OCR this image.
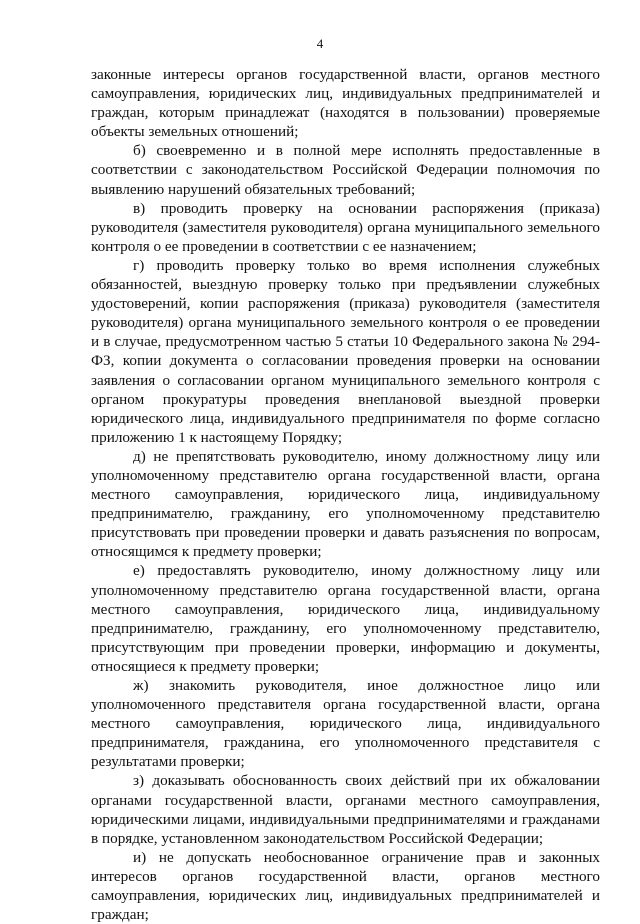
4

законные интересы органов государственной власти, органов местного самоуправления, юридических лиц, индивидуальных предпринимателей и граждан, которым принадлежат (находятся в пользовании) проверяемые объекты земельных отношений;

б) своевременно и в полной мере исполнять предоставленные в соответствии с законодательством Российской Федерации полномочия по выявлению нарушений обязательных требований;

в) проводить проверку на основании распоряжения (приказа) руководителя (заместителя руководителя) органа муниципального земельного контроля о ее проведении в соответствии с ее назначением;

г) проводить проверку только во время исполнения служебных обязанностей, выездную проверку только при предъявлении служебных удостоверений, копии распоряжения (приказа) руководителя (заместителя руководителя) органа муниципального земельного контроля о ее проведении и в случае, предусмотренном частью 5 статьи 10 Федерального закона № 294-ФЗ, копии документа о согласовании проведения проверки на основании заявления о согласовании органом муниципального земельного контроля с органом прокуратуры проведения внеплановой выездной проверки юридического лица, индивидуального предпринимателя по форме согласно приложению 1 к настоящему Порядку;

д) не препятствовать руководителю, иному должностному лицу или уполномоченному представителю органа государственной власти, органа местного самоуправления, юридического лица, индивидуальному предпринимателю, гражданину, его уполномоченному представителю присутствовать при проведении проверки и давать разъяснения по вопросам, относящимся к предмету проверки;

е) предоставлять руководителю, иному должностному лицу или уполномоченному представителю органа государственной власти, органа местного самоуправления, юридического лица, индивидуальному предпринимателю, гражданину, его уполномоченному представителю, присутствующим при проведении проверки, информацию и документы, относящиеся к предмету проверки;

ж) знакомить руководителя, иное должностное лицо или уполномоченного представителя органа государственной власти, органа местного самоуправления, юридического лица, индивидуального предпринимателя, гражданина, его уполномоченного представителя с результатами проверки;

з) доказывать обоснованность своих действий при их обжаловании органами государственной власти, органами местного самоуправления, юридическими лицами, индивидуальными предпринимателями и гражданами в порядке, установленном законодательством Российской Федерации;

и) не допускать необоснованное ограничение прав и законных интересов органов государственной власти, органов местного самоуправления, юридических лиц, индивидуальных предпринимателей и граждан;
